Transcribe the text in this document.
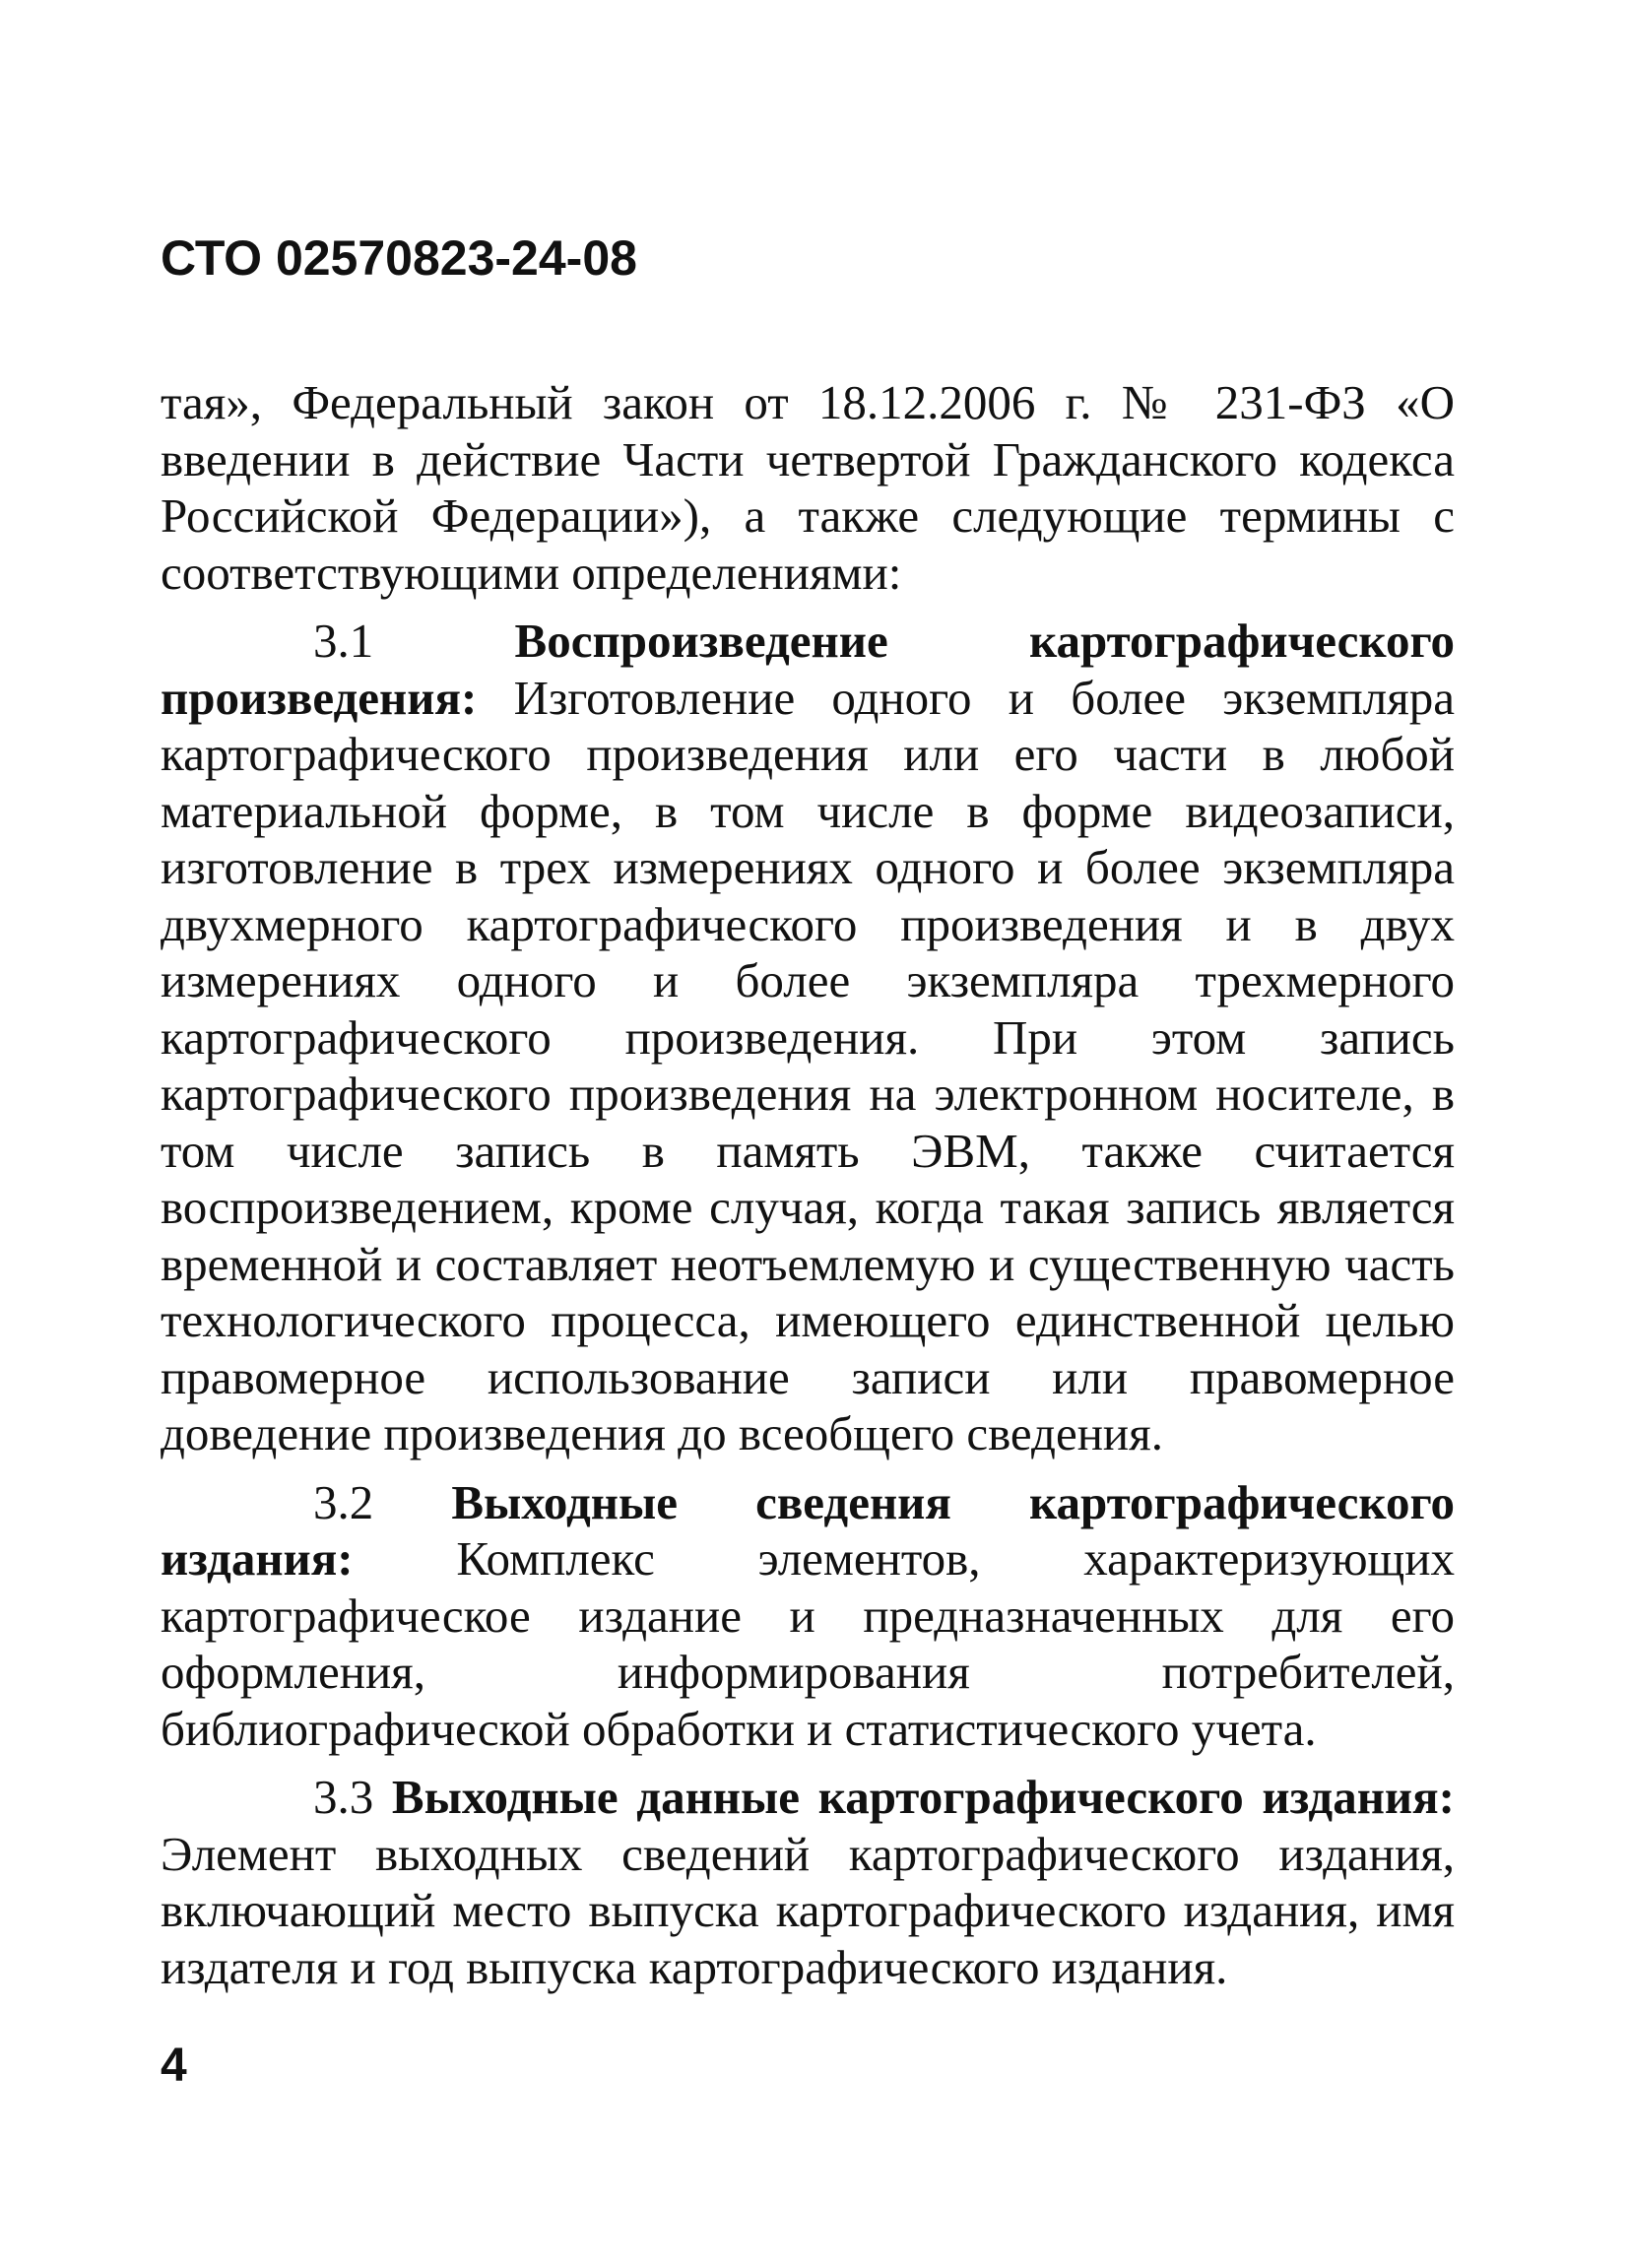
СТО 02570823-24-08

тая», Федеральный закон от 18.12.2006 г. № 231-ФЗ «О введении в действие Части четвертой Гражданского кодекса Российской Федерации»), а также следующие термины с соответствующими определениями:

3.1	Воспроизведение картографического произведения: Изготовление одного и более экземпляра картографического произведения или его части в любой материальной форме, в том числе в форме видеозаписи, изготовление в трех измерениях одного и более экземпляра двухмерного картографического произведения и в двух измерениях одного и более экземпляра трехмерного картографического произведения. При этом запись картографического произведения на электронном носителе, в том числе запись в память ЭВМ, также считается воспроизведением, кроме случая, когда такая запись является временной и составляет неотъемлемую и существенную часть технологического процесса, имеющего единственной целью правомерное использование записи или правомерное доведение произведения до всеобщего сведения.

3.2 Выходные сведения картографического издания: Комплекс элементов, характеризующих картографическое издание и предназначенных для его оформления, информирования потребителей, библиографической обработки и статистического учета.

3.3 Выходные данные картографического издания: Элемент выходных сведений картографического издания, включающий место выпуска картографического издания, имя издателя и год выпуска картографического издания.

4
